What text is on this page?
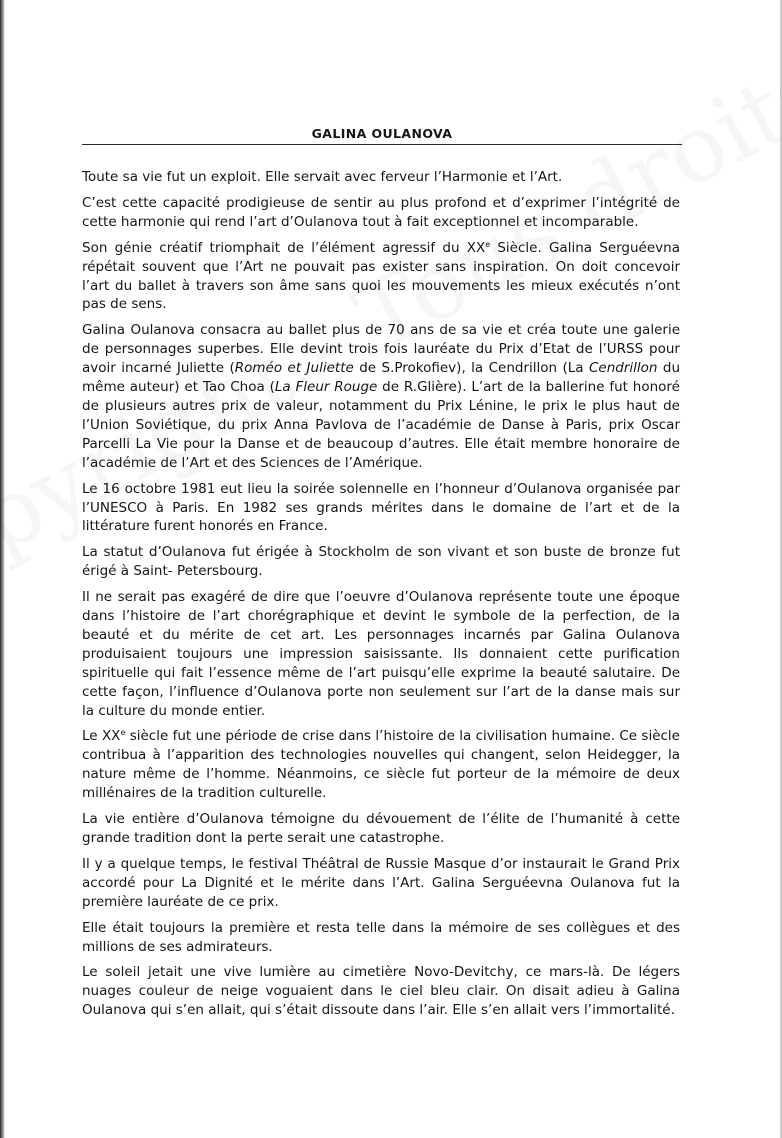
GALINA OULANOVA

Toute sa vie fut un exploit. Elle servait avec ferveur l’Harmonie et l’Art.

C’est cette capacité prodigieuse de sentir au plus profond et d’exprimer l’intégrité de cette harmonie qui rend l’art d’Oulanova tout à fait exceptionnel et incomparable.

Son génie créatif triomphait de l’élément agressif du XXe Siècle. Galina Serguéevna répétait souvent que l’Art ne pouvait pas exister sans inspiration. On doit concevoir l’art du ballet à travers son âme sans quoi les mouvements les mieux exécutés n’ont pas de sens.

Galina Oulanova consacra au ballet plus de 70 ans de sa vie et créa toute une galerie de personnages superbes. Elle devint trois fois lauréate du Prix d’Etat de l’URSS pour avoir incarné Juliette (Roméo et Juliette de S.Prokofiev), la Cendrillon (La Cendrillon du même auteur) et Tao Choa (La Fleur Rouge de R.Glière). L’art de la ballerine fut honoré de plusieurs autres prix de valeur, notamment du Prix Lénine, le prix le plus haut de l’Union Soviétique, du prix Anna Pavlova de l’académie de Danse à Paris, prix Oscar Parcelli La Vie pour la Danse et de beaucoup d’autres. Elle était membre honoraire de l’académie de l’Art et des Sciences de l’Amérique.

Le 16 octobre 1981 eut lieu la soirée solennelle en l’honneur d’Oulanova organisée par l’UNESCO à Paris. En 1982 ses grands mérites dans le domaine de l’art et de la littérature furent honorés en France.

La statut d’Oulanova fut érigée à Stockholm de son vivant et son buste de bronze fut érigé à Saint- Petersbourg.

Il ne serait pas exagéré de dire que l’oeuvre d’Oulanova représente toute une époque dans l’histoire de l’art chorégraphique et devint le symbole de la perfection, de la beauté et du mérite de cet art. Les personnages incarnés par Galina Oulanova produisaient toujours une impression saisissante. Ils donnaient cette purification spirituelle qui fait l’essence même de l’art puisqu’elle exprime la beauté salutaire. De cette façon, l’influence d’Oulanova porte non seulement sur l’art de la danse mais sur la culture du monde entier.

Le XXe siècle fut une période de crise dans l’histoire de la civilisation humaine. Ce siècle contribua à l’apparition des technologies nouvelles qui changent, selon Heidegger, la nature même de l’homme. Néanmoins, ce siècle fut porteur de la mémoire de deux millénaires de la tradition culturelle.

La vie entière d’Oulanova témoigne du dévouement de l’élite de l’humanité à cette grande tradition dont la perte serait une catastrophe.

Il y a quelque temps, le festival Théâtral de Russie Masque d’or instaurait le Grand Prix accordé pour La Dignité et le mérite dans l’Art. Galina Serguéevna Oulanova fut la première lauréate de ce prix.

Elle était toujours la première et resta telle dans la mémoire de ses collègues et des millions de ses admirateurs.

Le soleil jetait une vive lumière au cimetière Novo-Devitchy, ce mars-là. De légers nuages couleur de neige voguaient dans le ciel bleu clair. On disait adieu à Galina Oulanova qui s’en allait, qui s’était dissoute dans l’air. Elle s’en allait vers l’immortalité.
